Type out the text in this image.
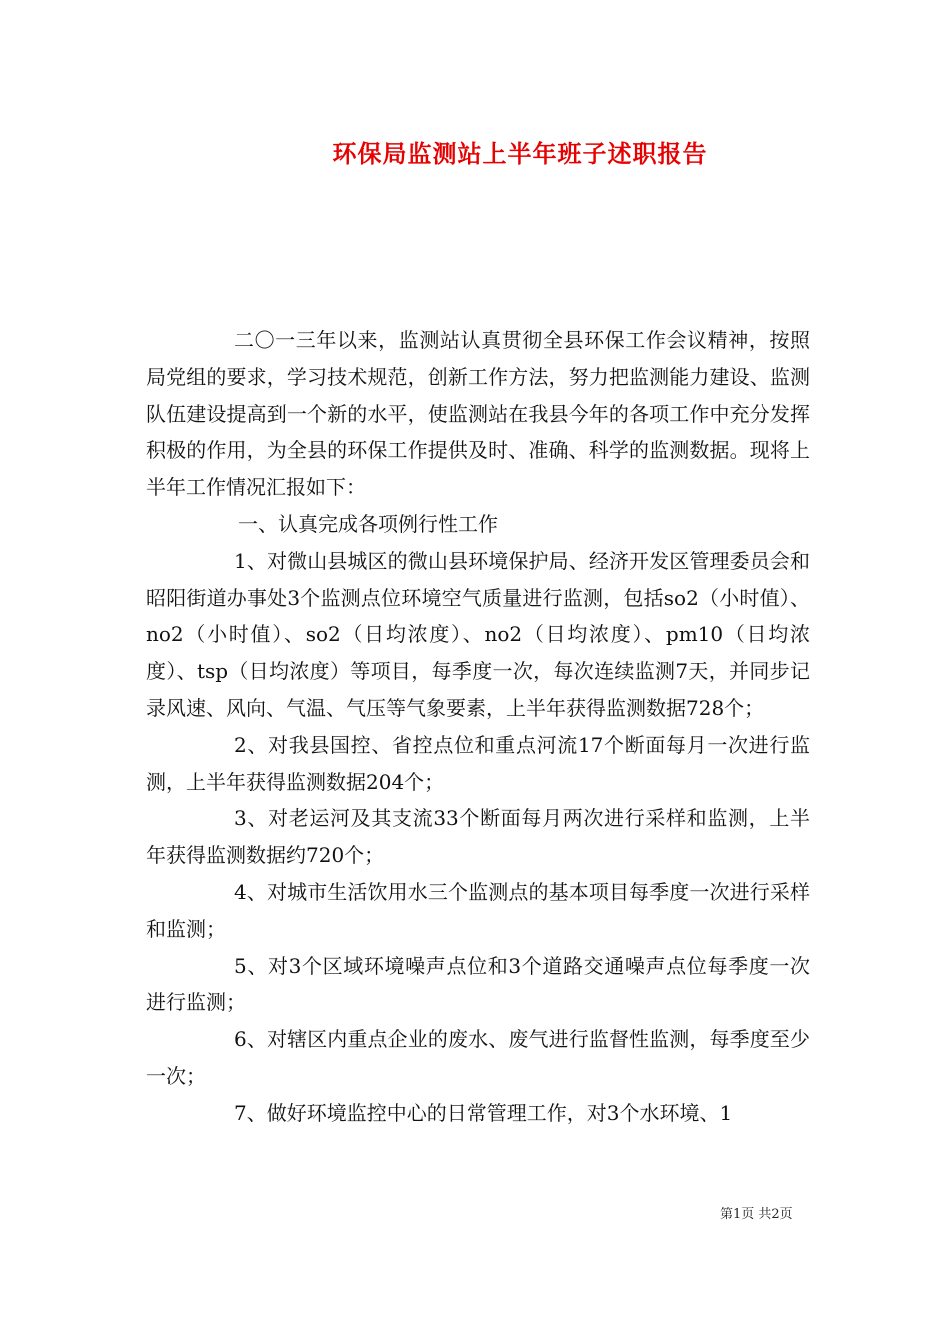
环保局监测站上半年班子述职报告

二〇一三年以来，监测站认真贯彻全县环保工作会议精神，按照局党组的要求，学习技术规范，创新工作方法，努力把监测能力建设、监测队伍建设提高到一个新的水平，使监测站在我县今年的各项工作中充分发挥积极的作用，为全县的环保工作提供及时、准确、科学的监测数据。现将上半年工作情况汇报如下：

一、认真完成各项例行性工作

1、对微山县城区的微山县环境保护局、经济开发区管理委员会和昭阳街道办事处3个监测点位环境空气质量进行监测，包括so2（小时值）、no2（小时值）、so2（日均浓度）、no2（日均浓度）、pm10（日均浓度）、tsp（日均浓度）等项目，每季度一次，每次连续监测7天，并同步记录风速、风向、气温、气压等气象要素，上半年获得监测数据728个；

2、对我县国控、省控点位和重点河流17个断面每月一次进行监测，上半年获得监测数据204个；

3、对老运河及其支流33个断面每月两次进行采样和监测，上半年获得监测数据约720个；

4、对城市生活饮用水三个监测点的基本项目每季度一次进行采样和监测；

5、对3个区域环境噪声点位和3个道路交通噪声点位每季度一次进行监测；

6、对辖区内重点企业的废水、废气进行监督性监测，每季度至少一次；

7、做好环境监控中心的日常管理工作，对3个水环境、1

第1页 共2页
